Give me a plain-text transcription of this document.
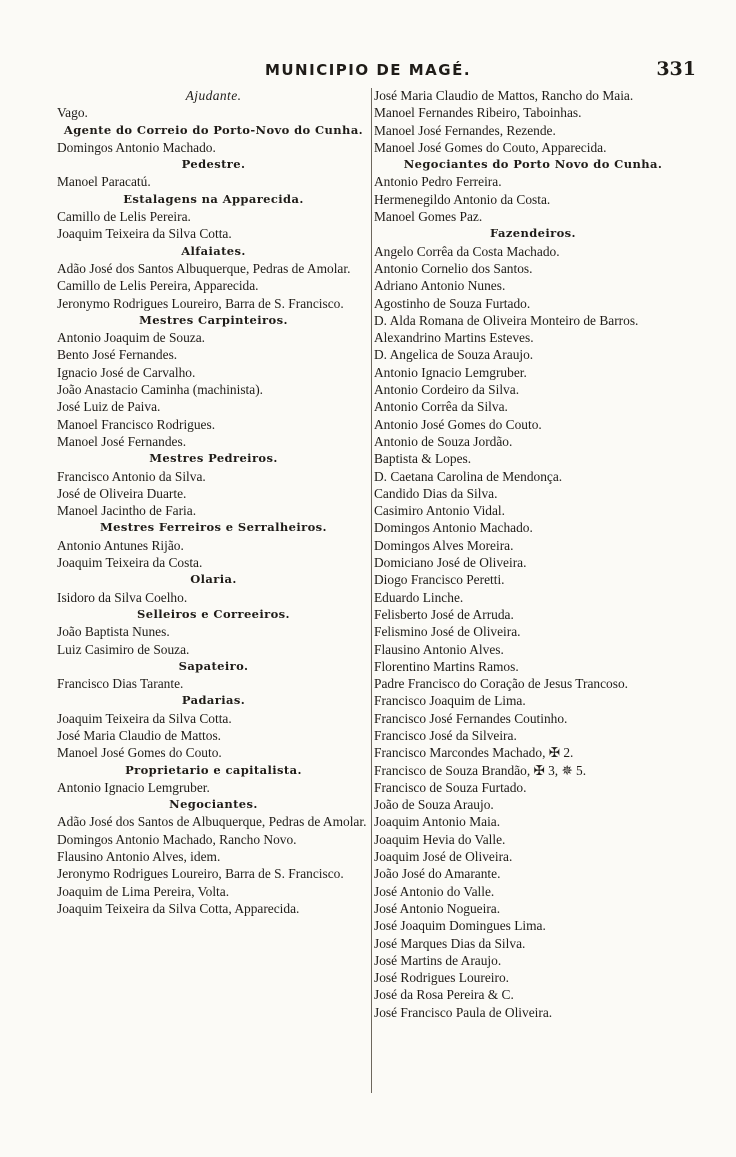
MUNICIPIO DE MAGÉ.	331
Ajudante.
Vago.
Agente do Correio do Porto-Novo do Cunha.
Domingos Antonio Machado.
Pedestre.
Manoel Paracatú.
Estalagens na Apparecida.
Camillo de Lelis Pereira.
Joaquim Teixeira da Silva Cotta.
Alfaiates.
Adão José dos Santos Albuquerque, Pedras de Amolar.
Camillo de Lelis Pereira, Apparecida.
Jeronymo Rodrigues Loureiro, Barra de S. Francisco.
Mestres Carpinteiros.
Antonio Joaquim de Souza.
Bento José Fernandes.
Ignacio José de Carvalho.
João Anastacio Caminha (machinista).
José Luiz de Paiva.
Manoel Francisco Rodrigues.
Manoel José Fernandes.
Mestres Pedreiros.
Francisco Antonio da Silva.
José de Oliveira Duarte.
Manoel Jacintho de Faria.
Mestres Ferreiros e Serralheiros.
Antonio Antunes Rijão.
Joaquim Teixeira da Costa.
Olaria.
Isidoro da Silva Coelho.
Selleiros e Correeiros.
João Baptista Nunes.
Luiz Casimiro de Souza.
Sapateiro.
Francisco Dias Tarante.
Padarias.
Joaquim Teixeira da Silva Cotta.
José Maria Claudio de Mattos.
Manoel José Gomes do Couto.
Proprietario e capitalista.
Antonio Ignacio Lemgruber.
Negociantes.
Adão José dos Santos de Albuquerque, Pedras de Amolar.
Domingos Antonio Machado, Rancho Novo.
Flausino Antonio Alves, idem.
Jeronymo Rodrigues Loureiro, Barra de S. Francisco.
Joaquim de Lima Pereira, Volta.
Joaquim Teixeira da Silva Cotta, Apparecida.
José Maria Claudio de Mattos, Rancho do Maia.
Manoel Fernandes Ribeiro, Taboinhas.
Manoel José Fernandes, Rezende.
Manoel José Gomes do Couto, Apparecida.
Negociantes do Porto Novo do Cunha.
Antonio Pedro Ferreira.
Hermenegildo Antonio da Costa.
Manoel Gomes Paz.
Fazendeiros.
Angelo Corrêa da Costa Machado.
Antonio Cornelio dos Santos.
Adriano Antonio Nunes.
Agostinho de Souza Furtado.
D. Alda Romana de Oliveira Monteiro de Barros.
Alexandrino Martins Esteves.
D. Angelica de Souza Araujo.
Antonio Ignacio Lemgruber.
Antonio Cordeiro da Silva.
Antonio Corrêa da Silva.
Antonio José Gomes do Couto.
Antonio de Souza Jordão.
Baptista & Lopes.
D. Caetana Carolina de Mendonça.
Candido Dias da Silva.
Casimiro Antonio Vidal.
Domingos Antonio Machado.
Domingos Alves Moreira.
Domiciano José de Oliveira.
Diogo Francisco Peretti.
Eduardo Linche.
Felisberto José de Arruda.
Felismino José de Oliveira.
Flausino Antonio Alves.
Florentino Martins Ramos.
Padre Francisco do Coração de Jesus Trancoso.
Francisco Joaquim de Lima.
Francisco José Fernandes Coutinho.
Francisco José da Silveira.
Francisco Marcondes Machado, ✠ 2.
Francisco de Souza Brandão, ✠ 3, ✵ 5.
Francisco de Souza Furtado.
João de Souza Araujo.
Joaquim Antonio Maia.
Joaquim Hevia do Valle.
Joaquim José de Oliveira.
João José do Amarante.
José Antonio do Valle.
José Antonio Nogueira.
José Joaquim Domingues Lima.
José Marques Dias da Silva.
José Martins de Araujo.
José Rodrigues Loureiro.
José da Rosa Pereira & C.
José Francisco Paula de Oliveira.
